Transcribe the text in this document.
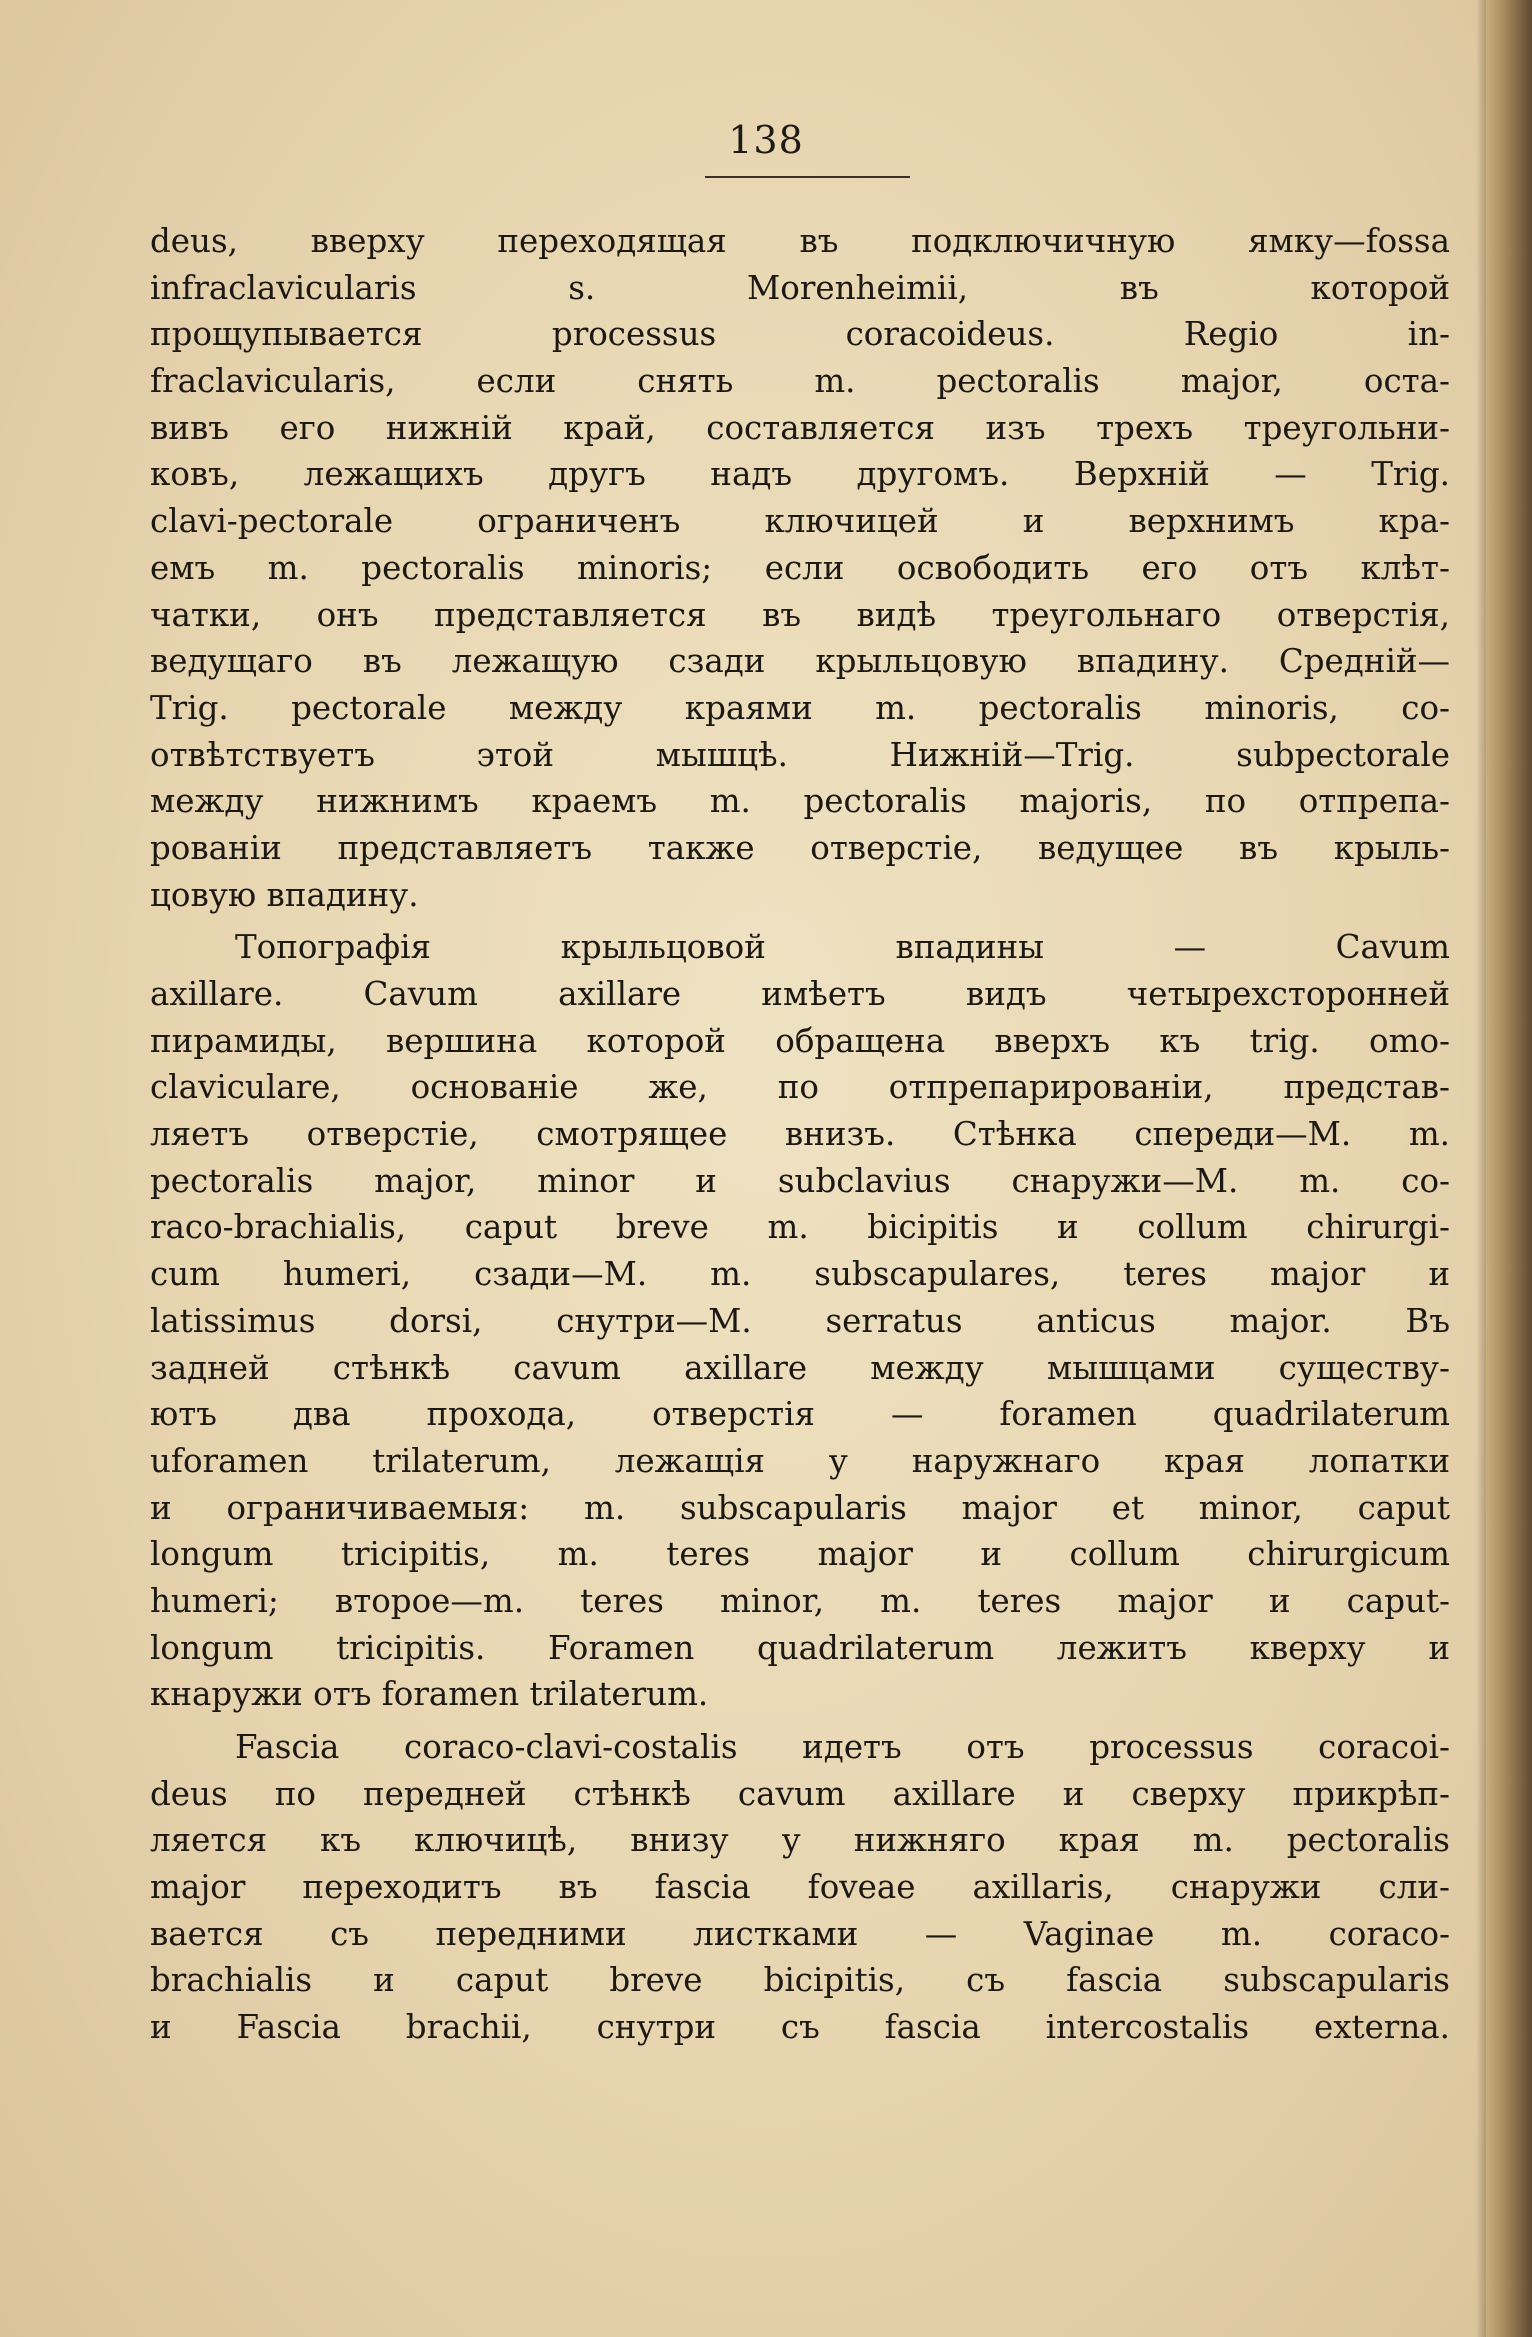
138
deus, вверху переходящая въ подключичную ямку—fossa
infraclavicularis s. Morenheimii, въ которой
прощупывается processus coracoideus. Regio in-
fraclavicularis, если снять m. pectoralis major, оста-
вивъ его нижній край, составляется изъ трехъ треугольни-
ковъ, лежащихъ другъ надъ другомъ. Верхній — Trig.
clavi-pectorale ограниченъ ключицей и верхнимъ кра-
емъ m. pectoralis minoris; если освободить его отъ клѣт-
чатки, онъ представляется въ видѣ треугольнаго отверстія,
ведущаго въ лежащую сзади крыльцовую впадину. Средній—
Trig. pectorale между краями m. pectoralis minoris, со-
отвѣтствуетъ этой мышцѣ. Нижній—Trig. subpectorale
между нижнимъ краемъ m. pectoralis majoris, по отпрепа-
рованіи представляетъ также отверстіе, ведущее въ крыль-
цовую впадину.
Топографія крыльцовой впадины — Cavum
axillare. Cavum axillare имѣетъ видъ четырехсторонней
пирамиды, вершина которой обращена вверхъ къ trig. omo-
claviculare, основаніе же, по отпрепарированіи, представ-
ляетъ отверстіе, смотрящее внизъ. Стѣнка спереди—M. m.
pectoralis major, minor и subclavius снаружи—M. m. co-
raco-brachialis, caput breve m. bicipitis и collum chirurgi-
cum humeri, сзади—M. m. subscapulares, teres major и
latissimus dorsi, снутри—M. serratus anticus major. Въ
задней стѣнкѣ cavum axillare между мышцами существу-
ютъ два прохода, отверстія — foramen quadrilaterum
uforamen trilaterum, лежащія у наружнаго края лопатки
и ограничиваемыя: m. subscapularis major et minor, caput
longum tricipitis, m. teres major и collum chirurgicum
humeri; второе—m. teres minor, m. teres major и caput-
longum tricipitis. Foramen quadrilaterum лежитъ кверху и
кнаружи отъ foramen trilaterum.
Fascia coraco-clavi-costalis идетъ отъ processus coracoi-
deus по передней стѣнкѣ cavum axillare и сверху прикрѣп-
ляется къ ключицѣ, внизу у нижняго края m. pectoralis
major переходитъ въ fascia foveae axillaris, снаружи сли-
вается съ передними листками — Vaginae m. coraco-
brachialis и caput breve bicipitis, съ fascia subscapularis
и Fascia brachii, снутри съ fascia intercostalis externa.
